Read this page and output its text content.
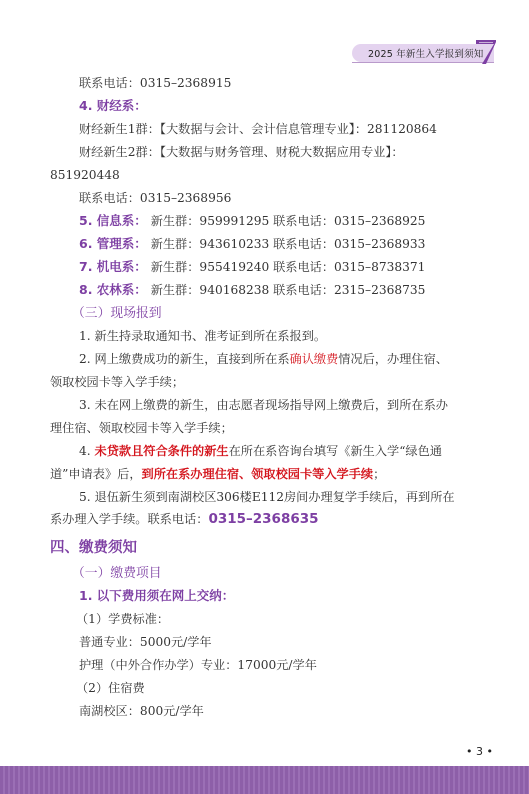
2025 年新生入学报到须知
联系电话：0315–2368915
4. 财经系：
财经新生1群：【大数据与会计、会计信息管理专业】：281120864
财经新生2群：【大数据与财务管理、财税大数据应用专业】：
851920448
联系电话：0315–2368956
5. 信息系： 新生群：959991295 联系电话：0315–2368925
6. 管理系： 新生群：943610233 联系电话：0315–2368933
7. 机电系： 新生群：955419240 联系电话：0315–8738371
8. 农林系： 新生群：940168238 联系电话：2315–2368735
（三）现场报到
1. 新生持录取通知书、准考证到所在系报到。
2. 网上缴费成功的新生，直接到所在系确认缴费情况后，办理住宿、
领取校园卡等入学手续；
3. 未在网上缴费的新生，由志愿者现场指导网上缴费后，到所在系办
理住宿、领取校园卡等入学手续；
4. 未贷款且符合条件的新生在所在系咨询台填写《新生入学“绿色通
道”申请表》后，到所在系办理住宿、领取校园卡等入学手续；
5. 退伍新生须到南湖校区306楼E112房间办理复学手续后，再到所在
系办理入学手续。联系电话：0315–2368635
四、缴费须知
（一）缴费项目
1. 以下费用须在网上交纳：
（1）学费标准：
普通专业：5000元/学年
护理（中外合作办学）专业：17000元/学年
（2）住宿费
南湖校区：800元/学年
• 3 •
